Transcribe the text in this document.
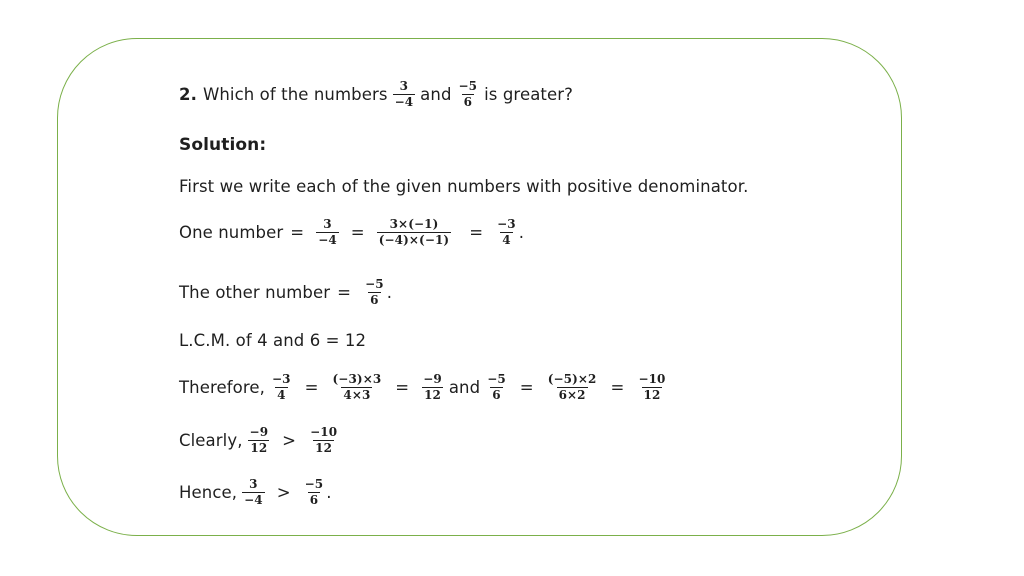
2. Which of the numbers $\frac{3}{-4}$ and $\frac{-5}{6}$ is greater?
Solution:
First we write each of the given numbers with positive denominator.
One number = $\frac{3}{-4} = \frac{3\times(-1)}{(-4)\times(-1)} = \frac{-3}{4}$ .
The other number = $\frac{-5}{6}$ .
L.C.M. of 4 and 6 = 12
Therefore, $\frac{-3}{4} = \frac{(-3)\times 3}{4\times 3} = \frac{-9}{12}$ and $\frac{-5}{6} = \frac{(-5)\times 2}{6\times 2} = \frac{-10}{12}$
Clearly, $\frac{-9}{12} > \frac{-10}{12}$
Hence, $\frac{3}{-4} > \frac{-5}{6}$ .
